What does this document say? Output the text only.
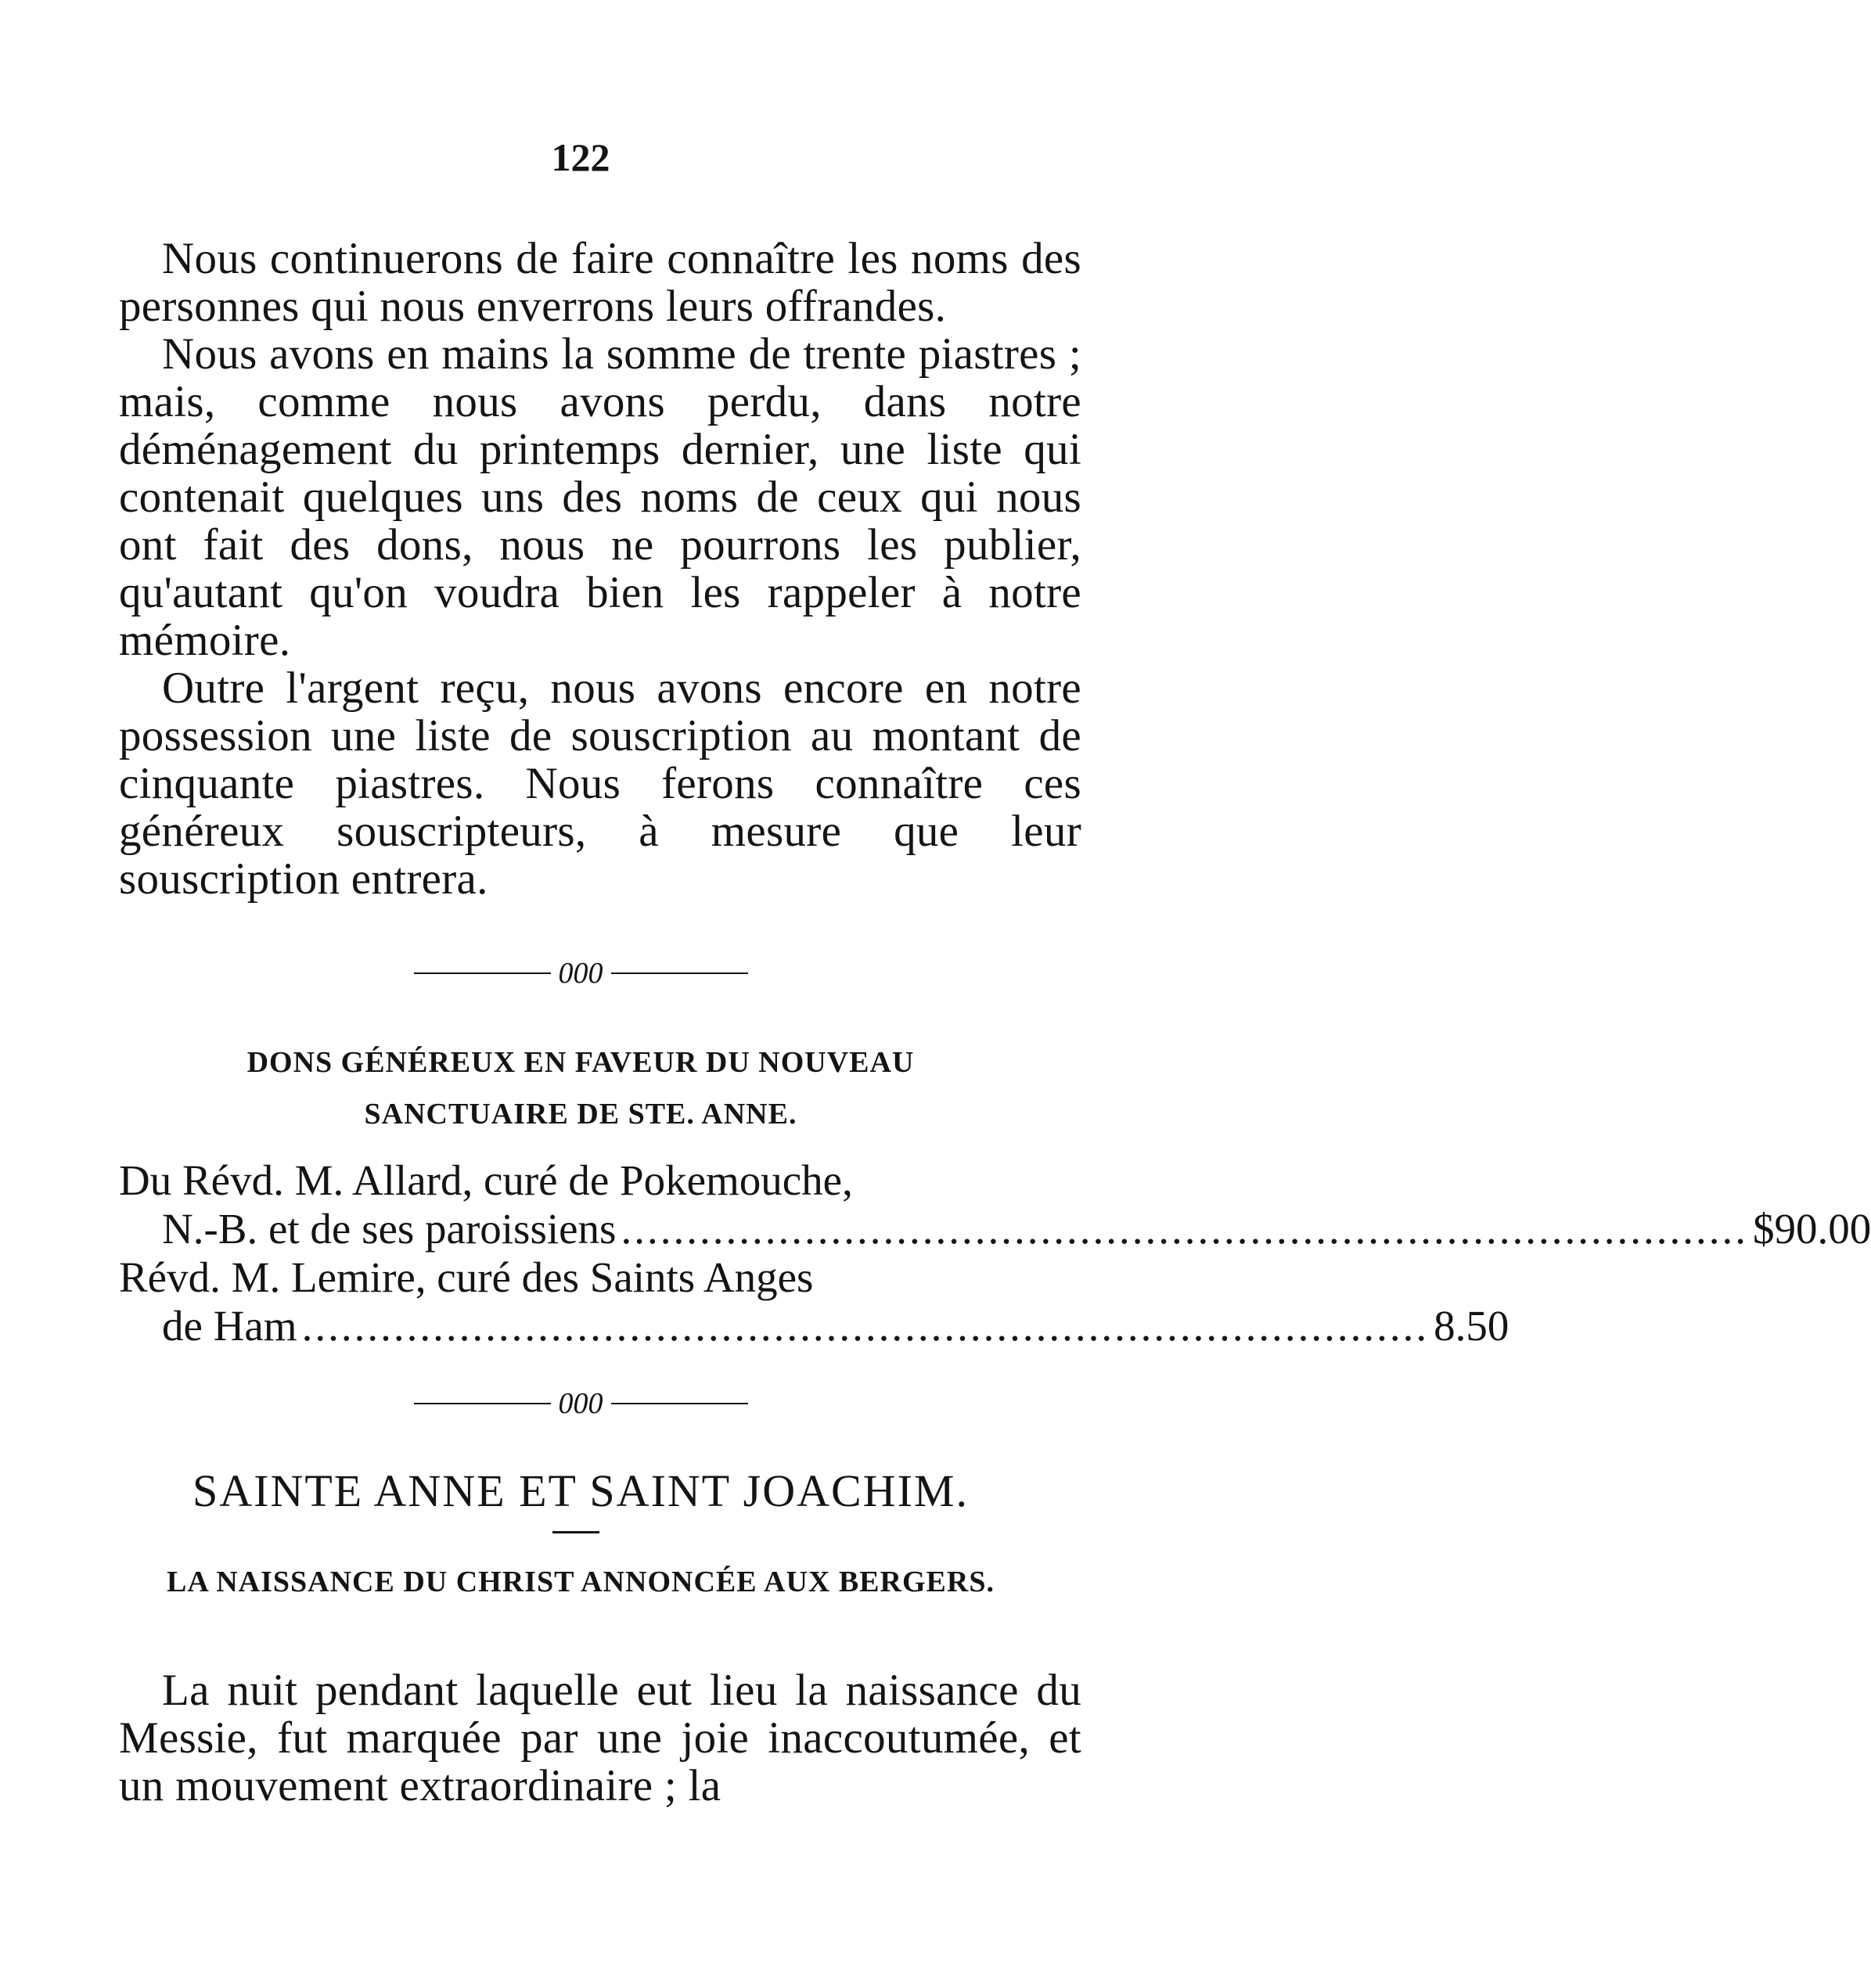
122

Nous continuerons de faire connaître les noms des personnes qui nous enverrons leurs offrandes.

Nous avons en mains la somme de trente piastres ; mais, comme nous avons perdu, dans notre déménagement du printemps dernier, une liste qui contenait quelques uns des noms de ceux qui nous ont fait des dons, nous ne pourrons les publier, qu'autant qu'on voudra bien les rappeler à notre mémoire.

Outre l'argent reçu, nous avons encore en notre possession une liste de souscription au montant de cinquante piastres. Nous ferons connaître ces généreux souscripteurs, à mesure que leur souscription entrera.

000
DONS GÉNÉREUX EN FAVEUR DU NOUVEAU
SANCTUAIRE DE STE. ANNE.
Du Révd. M. Allard, curé de Pokemouche,
N.-B. et de ses paroissiens ...................................................................................... $90.00
Révd. M. Lemire, curé des Saints Anges
de Ham ...................................................................................... 8.50
000
SAINTE ANNE ET SAINT JOACHIM.
LA NAISSANCE DU CHRIST ANNONCÉE AUX BERGERS.

La nuit pendant laquelle eut lieu la naissance du Messie, fut marquée par une joie inaccoutumée, et un mouvement extraordinaire ; la
